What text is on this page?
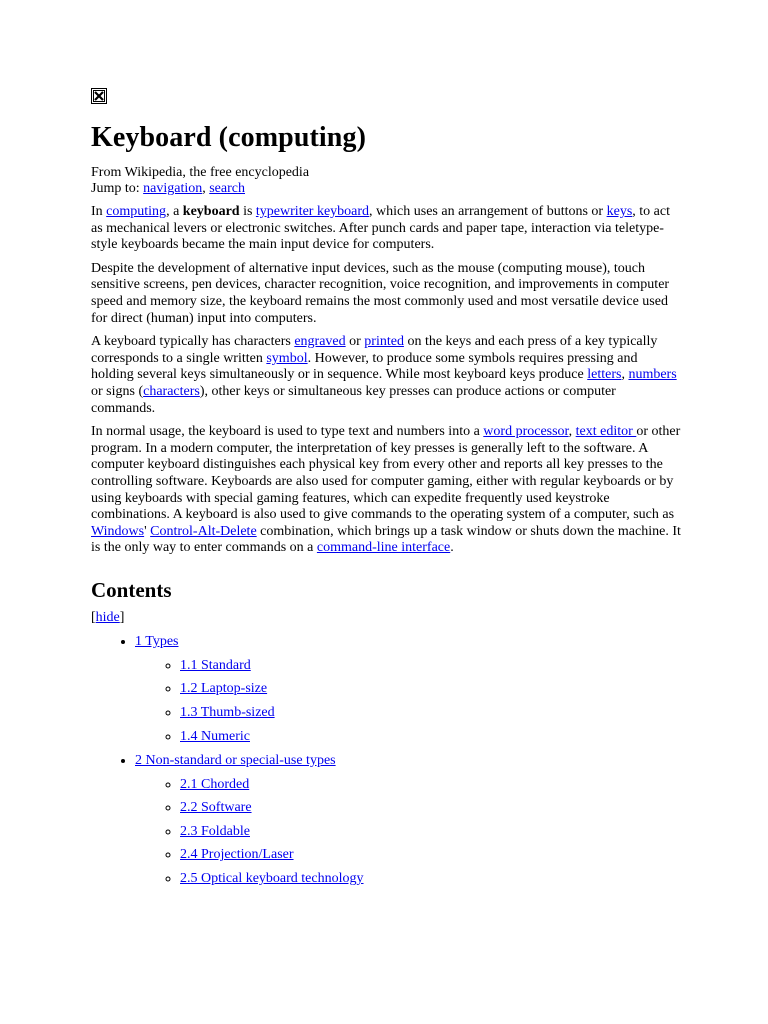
Keyboard (computing)
From Wikipedia, the free encyclopedia
Jump to: navigation, search

In computing, a keyboard is typewriter keyboard, which uses an arrangement of buttons or keys, to act as mechanical levers or electronic switches. After punch cards and paper tape, interaction via teletype-style keyboards became the main input device for computers.

Despite the development of alternative input devices, such as the mouse (computing mouse), touch sensitive screens, pen devices, character recognition, voice recognition, and improvements in computer speed and memory size, the keyboard remains the most commonly used and most versatile device used for direct (human) input into computers.

A keyboard typically has characters engraved or printed on the keys and each press of a key typically corresponds to a single written symbol. However, to produce some symbols requires pressing and holding several keys simultaneously or in sequence. While most keyboard keys produce letters, numbers or signs (characters), other keys or simultaneous key presses can produce actions or computer commands.

In normal usage, the keyboard is used to type text and numbers into a word processor, text editor or other program. In a modern computer, the interpretation of key presses is generally left to the software. A computer keyboard distinguishes each physical key from every other and reports all key presses to the controlling software. Keyboards are also used for computer gaming, either with regular keyboards or by using keyboards with special gaming features, which can expedite frequently used keystroke combinations. A keyboard is also used to give commands to the operating system of a computer, such as Windows' Control-Alt-Delete combination, which brings up a task window or shuts down the machine. It is the only way to enter commands on a command-line interface.

Contents
[hide]
• 1 Types
◦ 1.1 Standard
◦ 1.2 Laptop-size
◦ 1.3 Thumb-sized
◦ 1.4 Numeric
• 2 Non-standard or special-use types
◦ 2.1 Chorded
◦ 2.2 Software
◦ 2.3 Foldable
◦ 2.4 Projection/Laser
◦ 2.5 Optical keyboard technology
